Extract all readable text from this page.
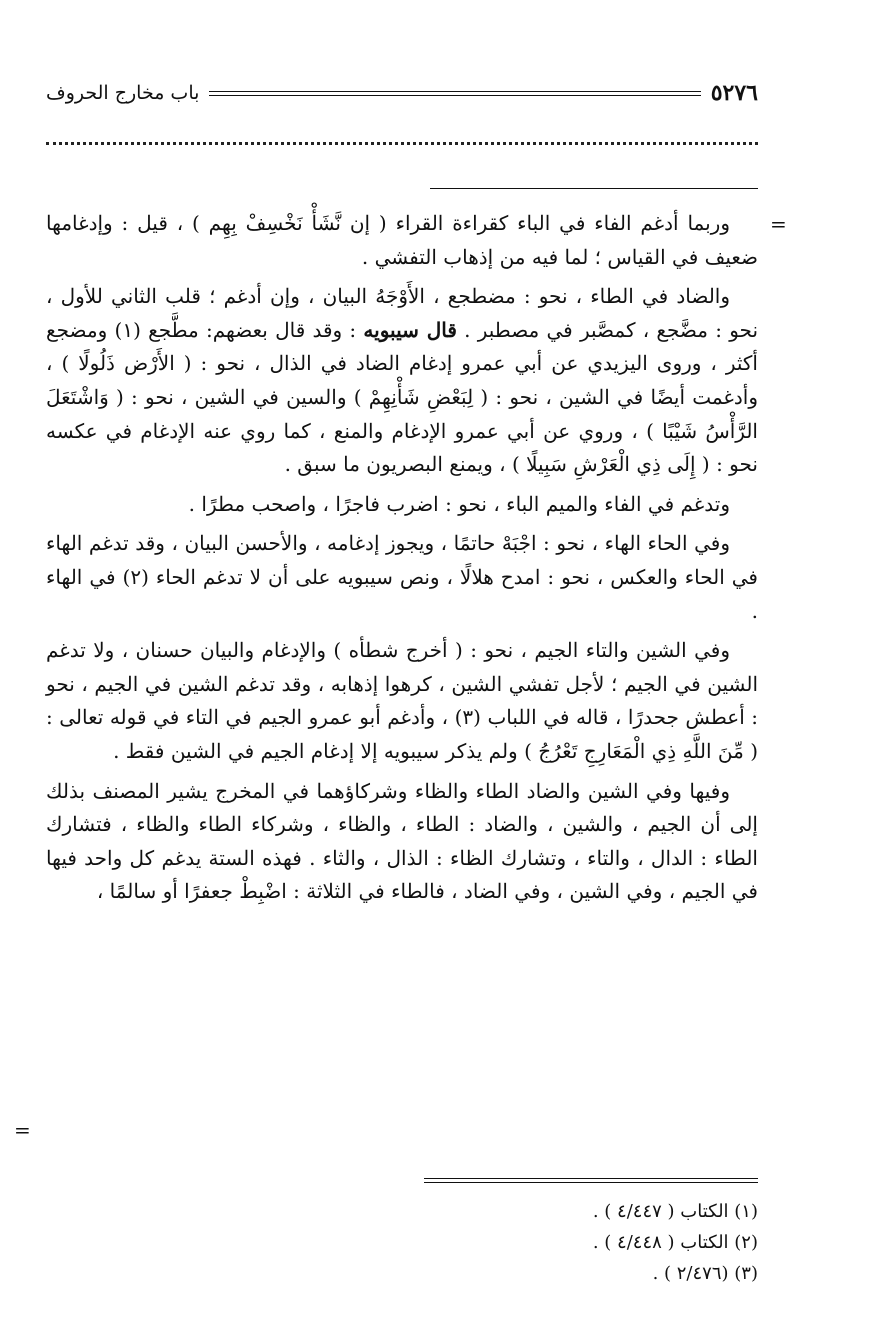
٥٢٧٦
باب مخارج الحروف
=
=

وربما أدغم الفاء في الباء كقراءة القراء ( إن نَّشَأْ نَخْسِفْ بِهِم ) ، قيل : وإدغامها ضعيف في القياس ؛ لما فيه من إذهاب التفشي .

والضاد في الطاء ، نحو : مضطجع ، الأَوْجَهُ البيان ، وإن أدغم ؛ قلب الثاني للأول ، نحو : مضَّجع ، كمصَّبر في مصطبر . قال سيبويه : وقد قال بعضهم: مطَّجع (١) ومضجع أكثر ، وروى اليزيدي عن أبي عمرو إدغام الضاد في الذال ، نحو : ( الأَرْض ذَلُولًا ) ، وأدغمت أيضًا في الشين ، نحو : ( لِبَعْضِ شَأْنِهِمْ ) والسين في الشين ، نحو : ( وَاشْتَعَلَ الرَّأْسُ شَيْبًا ) ، وروي عن أبي عمرو الإدغام والمنع ، كما روي عنه الإدغام في عكسه نحو : ( إِلَى ذِي الْعَرْشِ سَبِيلًا ) ، ويمنع البصريون ما سبق .

وتدغم في الفاء والميم الباء ، نحو : اضرب فاجرًا ، واصحب مطرًا .

وفي الحاء الهاء ، نحو : اجْبَهْ حاتمًا ، ويجوز إدغامه ، والأحسن البيان ، وقد تدغم الهاء في الحاء والعكس ، نحو : امدح هلالًا ، ونص سيبويه على أن لا تدغم الحاء (٢) في الهاء .

وفي الشين والتاء الجيم ، نحو : ( أخرج شطأه ) والإدغام والبيان حسنان ، ولا تدغم الشين في الجيم ؛ لأجل تفشي الشين ، كرهوا إذهابه ، وقد تدغم الشين في الجيم ، نحو : أعطش جحدرًا ، قاله في اللباب (٣) ، وأدغم أبو عمرو الجيم في التاء في قوله تعالى : ( مِّنَ اللَّهِ ذِي الْمَعَارِجِ تَعْرُجُ ) ولم يذكر سيبويه إلا إدغام الجيم في الشين فقط .

وفيها وفي الشين والضاد الطاء والظاء وشركاؤهما في المخرج يشير المصنف بذلك إلى أن الجيم ، والشين ، والضاد : الطاء ، والظاء ، وشركاء الطاء والظاء ، فتشارك الطاء : الدال ، والتاء ، وتشارك الظاء : الذال ، والثاء . فهذه الستة يدغم كل واحد فيها في الجيم ، وفي الشين ، وفي الضاد ، فالطاء في الثلاثة : اضْبِطْ جعفرًا أو سالمًا ،

(١) الكتاب ( ٤/٤٤٧ ) .
(٢) الكتاب ( ٤/٤٤٨ ) .
(٣) (٢/٤٧٦ ) .
